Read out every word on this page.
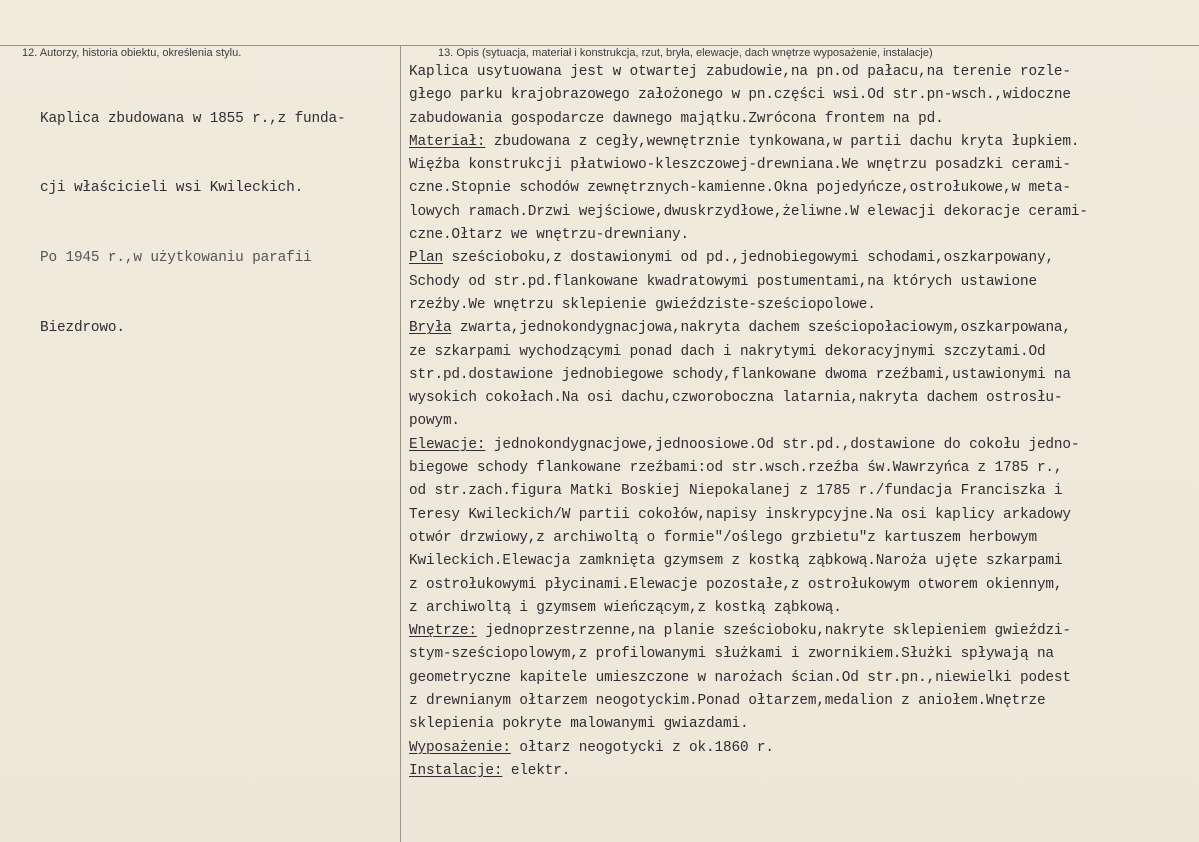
12. Autorzy, historia obiektu, określenia stylu.	13. Opis (sytuacja, materiał i konstrukcja, rzut, bryła, elewacje, dach wnętrze wyposażenie, instalacje)

Kaplica zbudowana w 1855 r.,z funda-

cji właścicieli wsi Kwileckich.

Po 1945 r.,w użytkowaniu parafii

Biezdrowo.

Kaplica usytuowana jest w otwartej zabudowie,na pn.od pałacu,na terenie rozle-
głego parku krajobrazowego założonego w pn.części wsi.Od str.pn-wsch.,widoczne
zabudowania gospodarcze dawnego majątku.Zwrócona frontem na pd.
Materiał: zbudowana z cegły,wewnętrznie tynkowana,w partii dachu kryta łupkiem.
Więźba konstrukcji płatwiowo-kleszczowej-drewniana.We wnętrzu posadzki cerami-
czne.Stopnie schodów zewnętrznych-kamienne.Okna pojedyńcze,ostrołukowe,w meta-
lowych ramach.Drzwi wejściowe,dwuskrzydłowe,żeliwne.W elewacji dekoracje cerami-
czne.Ołtarz we wnętrzu-drewniany.
Plan sześcioboku,z dostawionymi od pd.,jednobiegowymi schodami,oszkarpowany,
Schody od str.pd.flankowane kwadratowymi postumentami,na których ustawione
rzeźby.We wnętrzu sklepienie gwieździste-sześciopolowe.
Bryła zwarta,jednokondygnacjowa,nakryta dachem sześciopołaciowym,oszkarpowana,
ze szkarpami wychodzącymi ponad dach i nakrytymi dekoracyjnymi szczytami.Od
str.pd.dostawione jednobiegowe schody,flankowane dwoma rzeźbami,ustawionymi na
wysokich cokołach.Na osi dachu,czworoboczna latarnia,nakryta dachem ostrosłu-
powym.
Elewacje: jednokondygnacjowe,jednoosiowe.Od str.pd.,dostawione do cokołu jedno-
biegowe schody flankowane rzeźbami:od str.wsch.rzeźba św.Wawrzyńca z 1785 r.,
od str.zach.figura Matki Boskiej Niepokalanej z 1785 r./fundacja Franciszka i
Teresy Kwileckich/W partii cokołów,napisy inskrypcyjne.Na osi kaplicy arkadowy
otwór drzwiowy,z archiwoltą o formie"/oślego grzbietu"z kartuszem herbowym
Kwileckich.Elewacja zamknięta gzymsem z kostką ząbkową.Naroża ujęte szkarpami
z ostrołukowymi płycinami.Elewacje pozostałe,z ostrołukowym otworem okiennym,
z archiwoltą i gzymsem wieńczącym,z kostką ząbkową.
Wnętrze: jednoprzestrzenne,na planie sześcioboku,nakryte sklepieniem gwieździ-
stym-sześciopolowym,z profilowanymi służkami i zwornikiem.Służki spływają na
geometryczne kapitele umieszczone w narożach ścian.Od str.pn.,niewielki podest
z drewnianym ołtarzem neogotyckim.Ponad ołtarzem,medalion z aniołem.Wnętrze
sklepienia pokryte malowanymi gwiazdami.
Wyposażenie: ołtarz neogotycki z ok.1860 r.
Instalacje: elektr.
